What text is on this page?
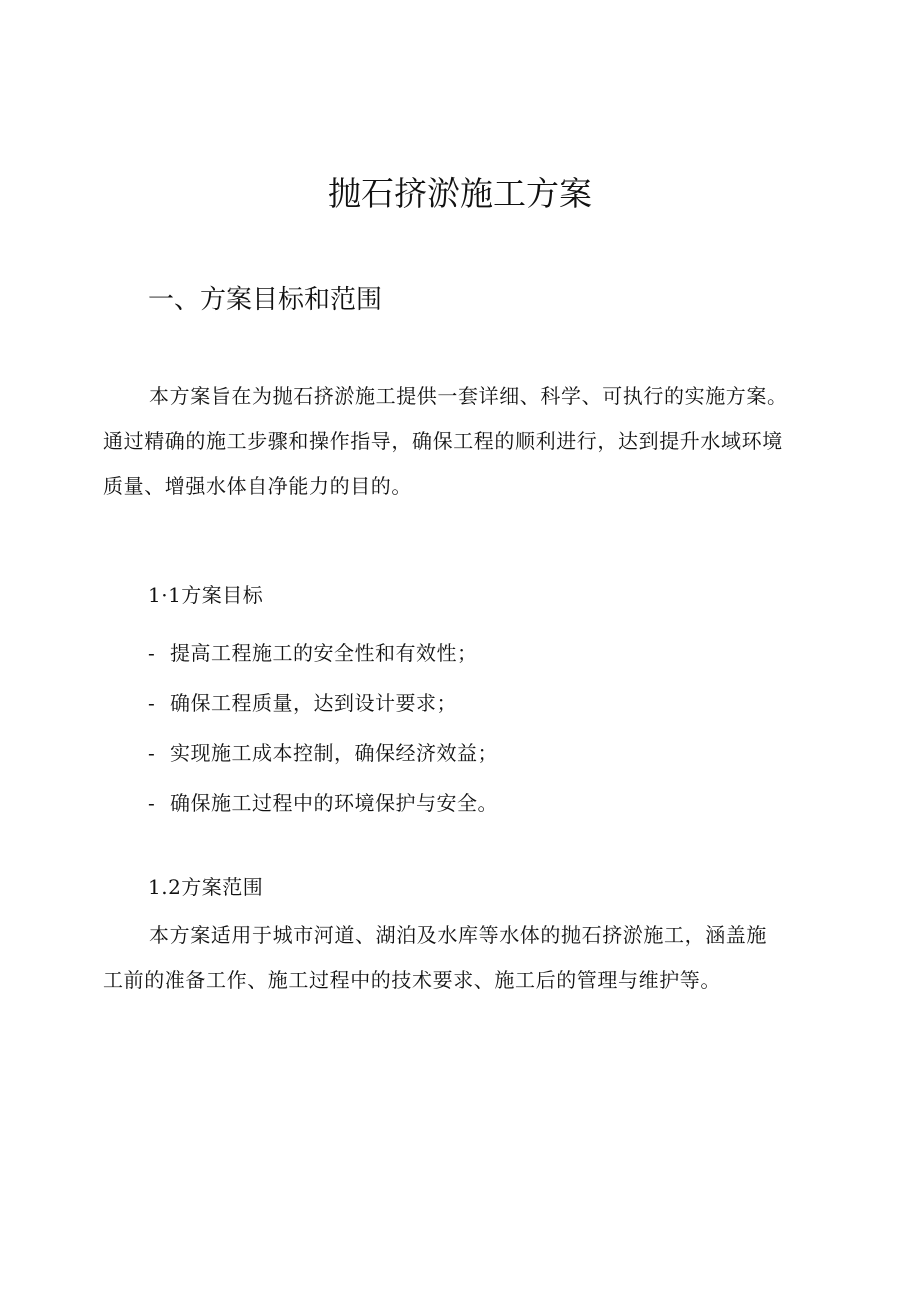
抛石挤淤施工方案
一、方案目标和范围

本方案旨在为抛石挤淤施工提供一套详细、科学、可执行的实施方案。
通过精确的施工步骤和操作指导，确保工程的顺利进行，达到提升水域环境
质量、增强水体自净能力的目的。

1·1方案目标
- 提高工程施工的安全性和有效性；
- 确保工程质量，达到设计要求；
- 实现施工成本控制，确保经济效益；
- 确保施工过程中的环境保护与安全。
1.2方案范围

本方案适用于城市河道、湖泊及水库等水体的抛石挤淤施工，涵盖施
工前的准备工作、施工过程中的技术要求、施工后的管理与维护等。
